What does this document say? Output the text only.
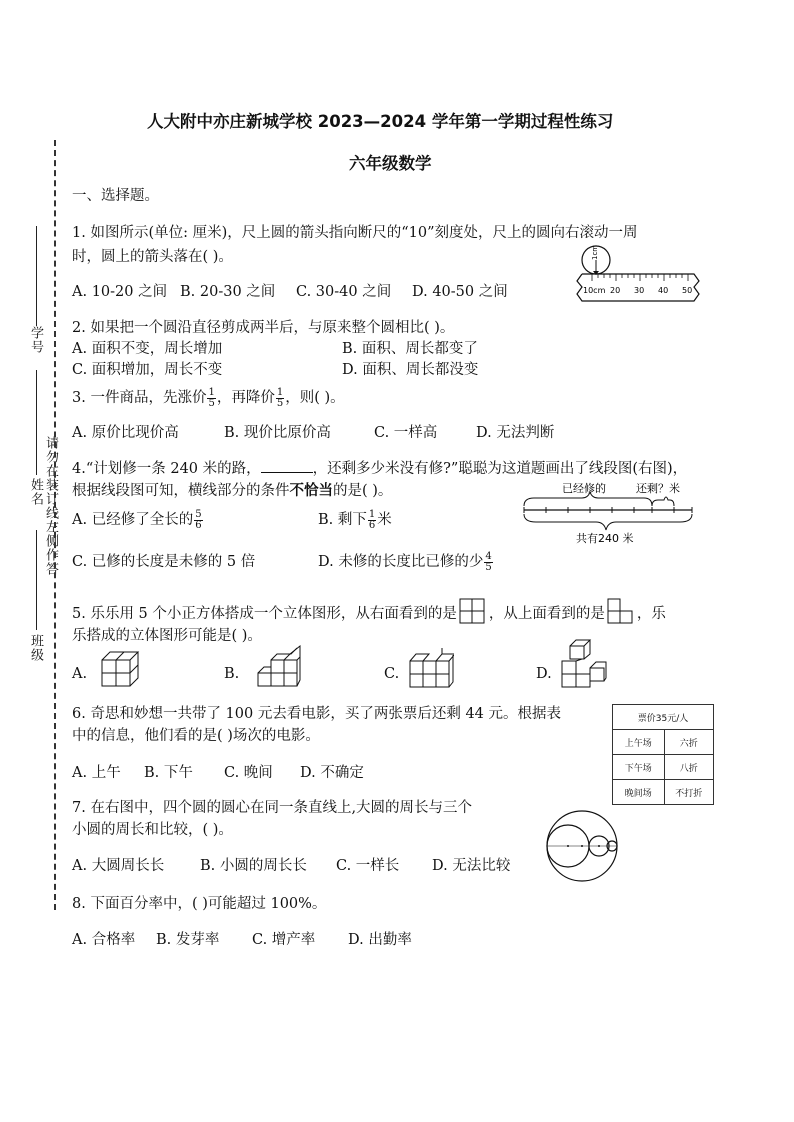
学号
姓名
班级
请勿在装订线左侧作答
人大附中亦庄新城学校 2023—2024 学年第一学期过程性练习
六年级数学
一、选择题。
1. 如图所示(单位: 厘米)，尺上圆的箭头指向断尺的“10”刻度处，尺上的圆向右滚动一周
时，圆上的箭头落在( )。
A. 10-20 之间 B. 20-30 之间 C. 30-40 之间 D. 40-50 之间
1cm
10cm 20 30 40 50
2. 如果把一个圆沿直径剪成两半后，与原来整个圆相比( )。
A. 面积不变，周长增加	B. 面积、周长都变了
C. 面积增加，周长不变	D. 面积、周长都没变
3. 一件商品，先涨价 $\frac{1}{5}$ ，再降价 $\frac{1}{5}$ ，则( )。
A. 原价比现价高	B. 现价比原价高	C. 一样高	D. 无法判断
4.“计划修一条 240 米的路，	，还剩多少米没有修?”聪聪为这道题画出了线段图(右图)，
根据线段图可知，横线部分的条件不恰当的是( )。
A. 已经修了全长的 $\frac{5}{6}$	B. 剩下 $\frac{1}{6}$ 米
C. 已修的长度是未修的 5 倍	D. 未修的长度比已修的少 $\frac{4}{5}$
已经修的	还剩？米
共有240 米
5. 乐乐用 5 个小正方体搭成一个立体图形，从右面看到的是 ，从上面看到的是 ，乐
乐搭成的立体图形可能是( )。
A.	B.	C.	D.
6. 奇思和妙想一共带了 100 元去看电影，买了两张票后还剩 44 元。根据表
中的信息，他们看的是( )场次的电影。
A. 上午 B. 下午 C. 晚间 D. 不确定
票价35元/人	
上午场	六折
下午场	八折
晚间场	不打折
7. 在右图中，四个圆的圆心在同一条直线上,大圆的周长与三个
小圆的周长和比较，( )。
A. 大圆周长长 B. 小圆的周长长 C. 一样长 D. 无法比较
8. 下面百分率中，( )可能超过 100%。
A. 合格率 B. 发芽率 C. 增产率 D. 出勤率
